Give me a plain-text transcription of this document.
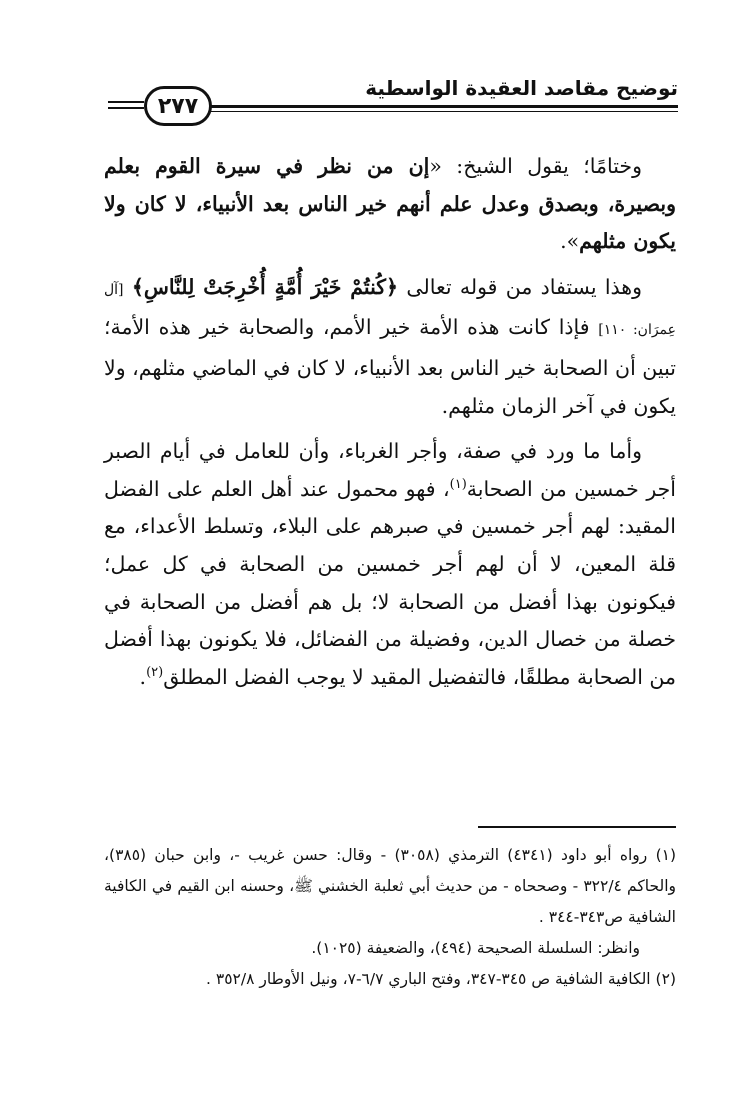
توضيح مقاصد العقيدة الواسطية
٢٧٧

وختامًا؛ يقول الشيخ: «إن من نظر في سيرة القوم بعلم وبصيرة، وبصدق وعدل علم أنهم خير الناس بعد الأنبياء، لا كان ولا يكون مثلهم».

وهذا يستفاد من قوله تعالى ﴿كُنتُمْ خَيْرَ أُمَّةٍ أُخْرِجَتْ لِلنَّاسِ﴾ [آل عِمرَان: ١١٠] فإذا كانت هذه الأمة خير الأمم، والصحابة خير هذه الأمة؛ تبين أن الصحابة خير الناس بعد الأنبياء، لا كان في الماضي مثلهم، ولا يكون في آخر الزمان مثلهم.

وأما ما ورد في صفة، وأجر الغرباء، وأن للعامل في أيام الصبر أجر خمسين من الصحابة$^{(١)}$، فهو محمول عند أهل العلم على الفضل المقيد: لهم أجر خمسين في صبرهم على البلاء، وتسلط الأعداء، مع قلة المعين، لا أن لهم أجر خمسين من الصحابة في كل عمل؛ فيكونون بهذا أفضل من الصحابة لا؛ بل هم أفضل من الصحابة في خصلة من خصال الدين، وفضيلة من الفضائل، فلا يكونون بهذا أفضل من الصحابة مطلقًا، فالتفضيل المقيد لا يوجب الفضل المطلق$^{(٢)}$.

(١) رواه أبو داود (٤٣٤١) الترمذي (٣٠٥٨) - وقال: حسن غريب -، وابن حبان (٣٨٥)، والحاكم ٣٢٢/٤ - وصححاه - من حديث أبي ثعلبة الخشني ﷺ، وحسنه ابن القيم في الكافية الشافية ص٣٤٣-٣٤٤ .

وانظر: السلسلة الصحيحة (٤٩٤)، والضعيفة (١٠٢٥).

(٢) الكافية الشافية ص ٣٤٥-٣٤٧، وفتح الباري ٦/٧-٧، ونيل الأوطار ٣٥٢/٨ .
